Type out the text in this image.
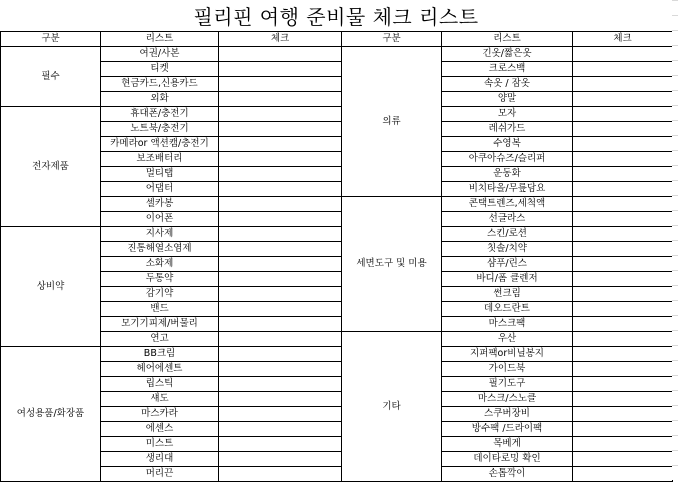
필리핀 여행 준비물 체크 리스트
구분	리스트	체크	구분	리스트	체크
필수	여권/사본		의류	긴옷/짧은옷	
	티켓			크로스백	
	현금카드,신용카드			속옷 / 잠옷	
	외화			양말	
전자제품	휴대폰/충전기			모자	
	노트북/충전기			레쉬가드	
	카메라or 액션캠/충전기			수영복	
	보조배터리			아쿠아슈즈/슬리퍼	
	멀티탭			운동화	
	어댑터			비치타올/무릎담요	
	셀카봉		세면도구 및 미용	콘택트렌즈,세척액	
	이어폰			선글라스	
상비약	지사제			스킨/로션	
	진통해열소염제			칫솔/치약	
	소화제			샴푸/린스	
	두통약			바디/폼 클렌저	
	감기약			썬크림	
	밴드			데오드란트	
	모기기피제/버물리			마스크팩	
	연고		기타	우산	
여성용품/화장품	BB크림			지퍼팩or비닐봉지	
	헤어에센트			가이드북	
	립스틱			필기도구	
	섀도			마스크/스노클	
	마스카라			스쿠버장비	
	에센스			방수팩 /드라이팩	
	미스트			목베게	
	생리대			데이타로밍 확인	
	머리끈			손톱깍이	
